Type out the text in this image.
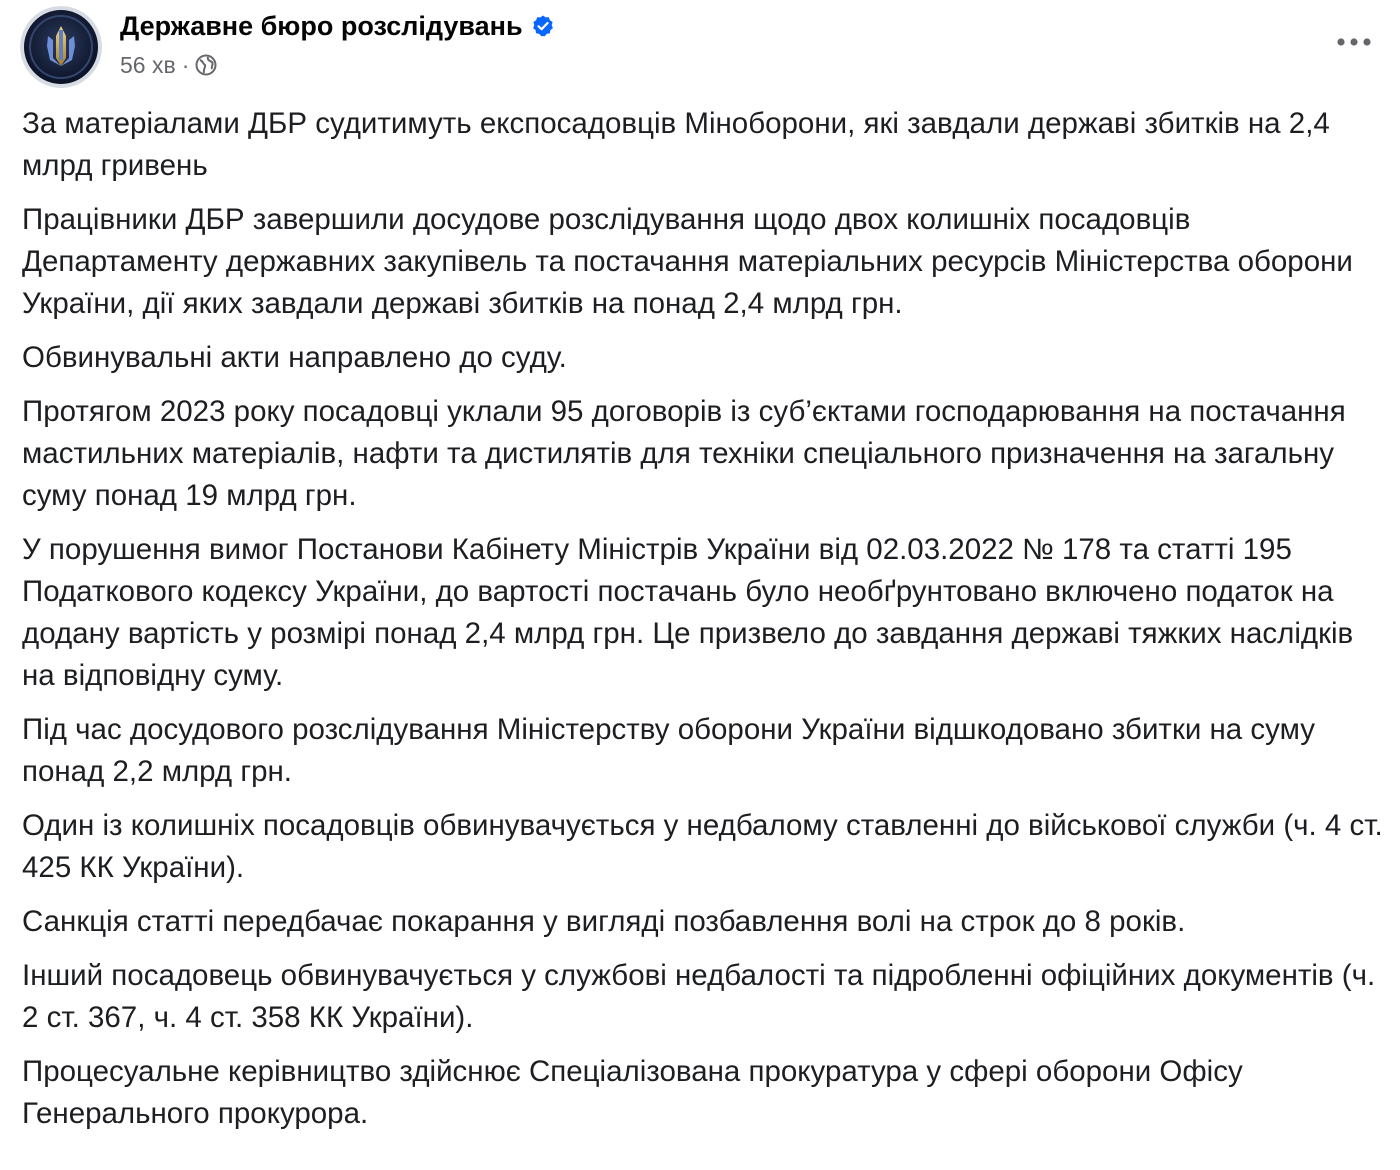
Державне бюро розслідувань
56 хв ·

За матеріалами ДБР судитимуть експосадовців Міноборони, які завдали державі збитків на 2,4 млрд гривень

Працівники ДБР завершили досудове розслідування щодо двох колишніх посадовців Департаменту державних закупівель та постачання матеріальних ресурсів Міністерства оборони України, дії яких завдали державі збитків на понад 2,4 млрд грн.

Обвинувальні акти направлено до суду.

Протягом 2023 року посадовці уклали 95 договорів із суб’єктами господарювання на постачання мастильних матеріалів, нафти та дистилятів для техніки спеціального призначення на загальну суму понад 19 млрд грн.

У порушення вимог Постанови Кабінету Міністрів України від 02.03.2022 № 178 та статті 195 Податкового кодексу України, до вартості постачань було необґрунтовано включено податок на додану вартість у розмірі понад 2,4 млрд грн. Це призвело до завдання державі тяжких наслідків на відповідну суму.

Під час досудового розслідування Міністерству оборони України відшкодовано збитки на суму понад 2,2 млрд грн.

Один із колишніх посадовців обвинувачується у недбалому ставленні до військової служби (ч. 4 ст. 425 КК України).

Санкція статті передбачає покарання у вигляді позбавлення волі на строк до 8 років.

Інший посадовець обвинувачується у службові недбалості та підробленні офіційних документів (ч. 2 ст. 367, ч. 4 ст. 358 КК України).

Процесуальне керівництво здійснює Спеціалізована прокуратура у сфері оборони Офісу Генерального прокурора.
